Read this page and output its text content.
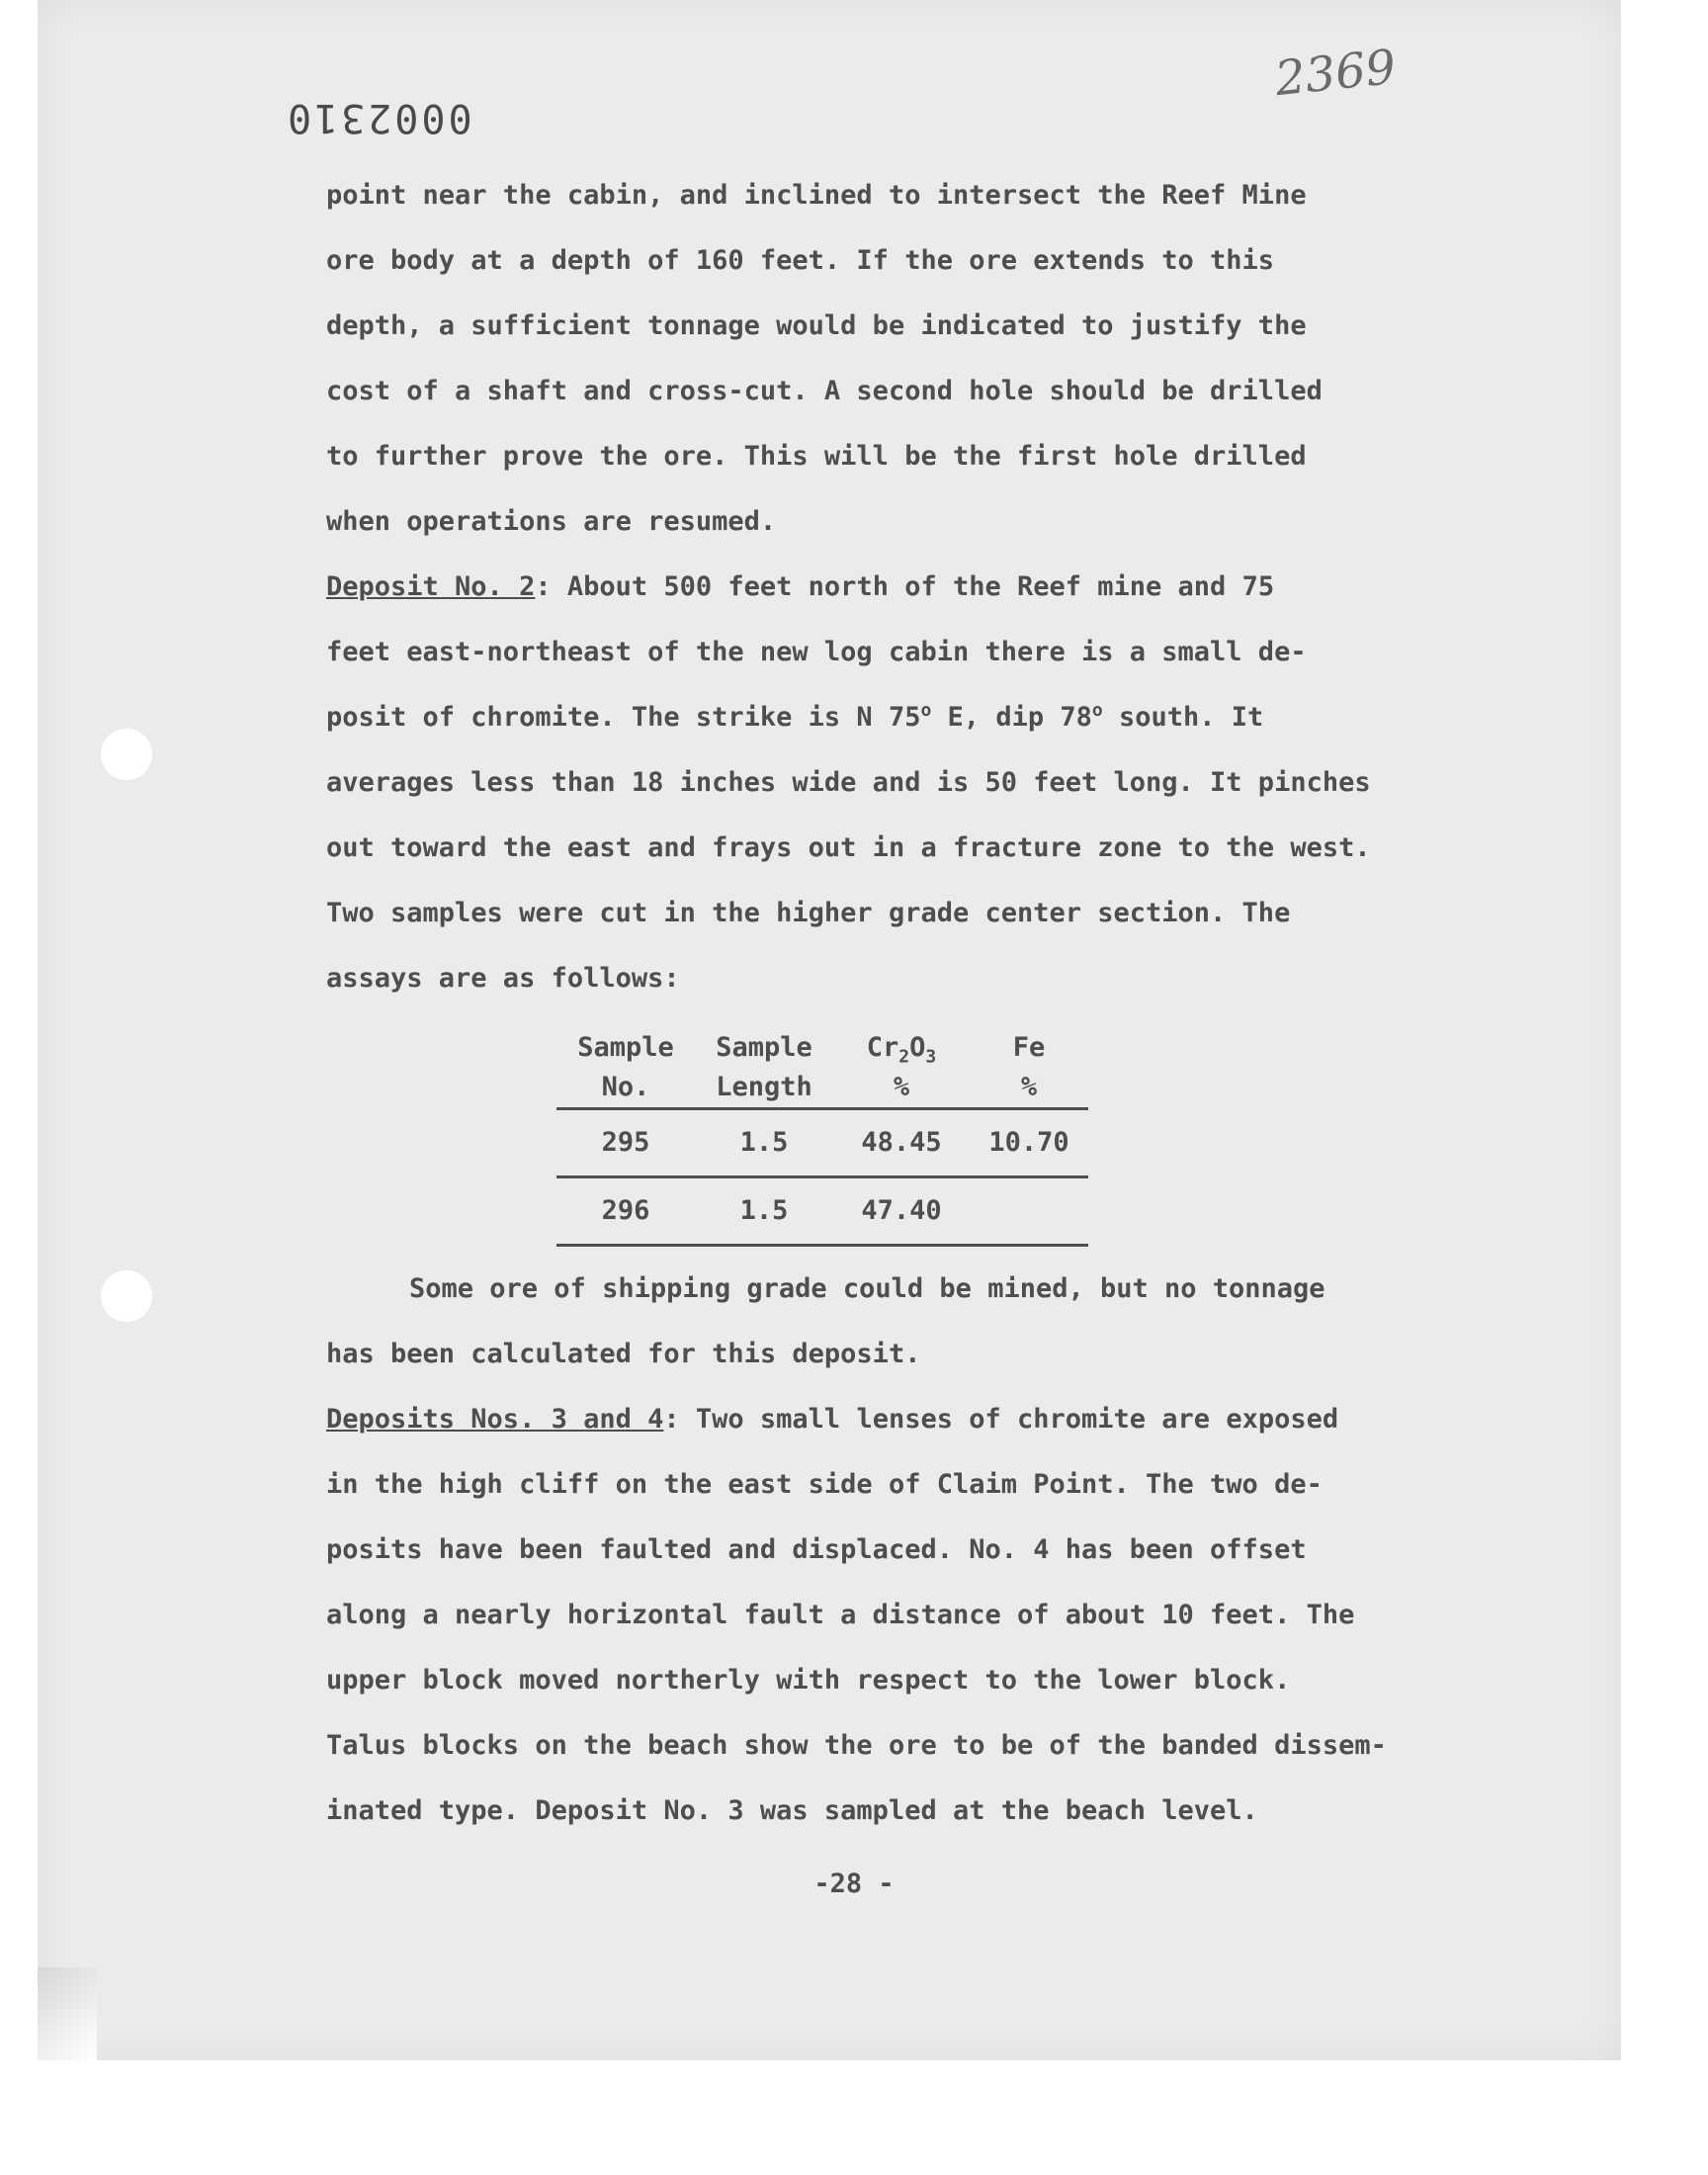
0002310
2369
point near the cabin, and inclined to intersect the Reef Mine
ore body at a depth of 160 feet. If the ore extends to this
depth, a sufficient tonnage would be indicated to justify the
cost of a shaft and cross-cut. A second hole should be drilled
to further prove the ore. This will be the first hole drilled
when operations are resumed.
Deposit No. 2: About 500 feet north of the Reef mine and 75
feet east-northeast of the new log cabin there is a small de-
posit of chromite. The strike is N 75$^o$ E, dip 78$^o$ south. It
averages less than 18 inches wide and is 50 feet long. It pinches
out toward the east and frays out in a fracture zone to the west.
Two samples were cut in the higher grade center section. The
assays are as follows:
Sample	Sample	$Cr_2O_3$	Fe
No.	Length	%	%
295	1.5	48.45	10.70
296	1.5	47.40
Some ore of shipping grade could be mined, but no tonnage
has been calculated for this deposit.
Deposits Nos. 3 and 4: Two small lenses of chromite are exposed
in the high cliff on the east side of Claim Point. The two de-
posits have been faulted and displaced. No. 4 has been offset
along a nearly horizontal fault a distance of about 10 feet. The
upper block moved northerly with respect to the lower block.
Talus blocks on the beach show the ore to be of the banded dissem-
inated type. Deposit No. 3 was sampled at the beach level.
-28 -
